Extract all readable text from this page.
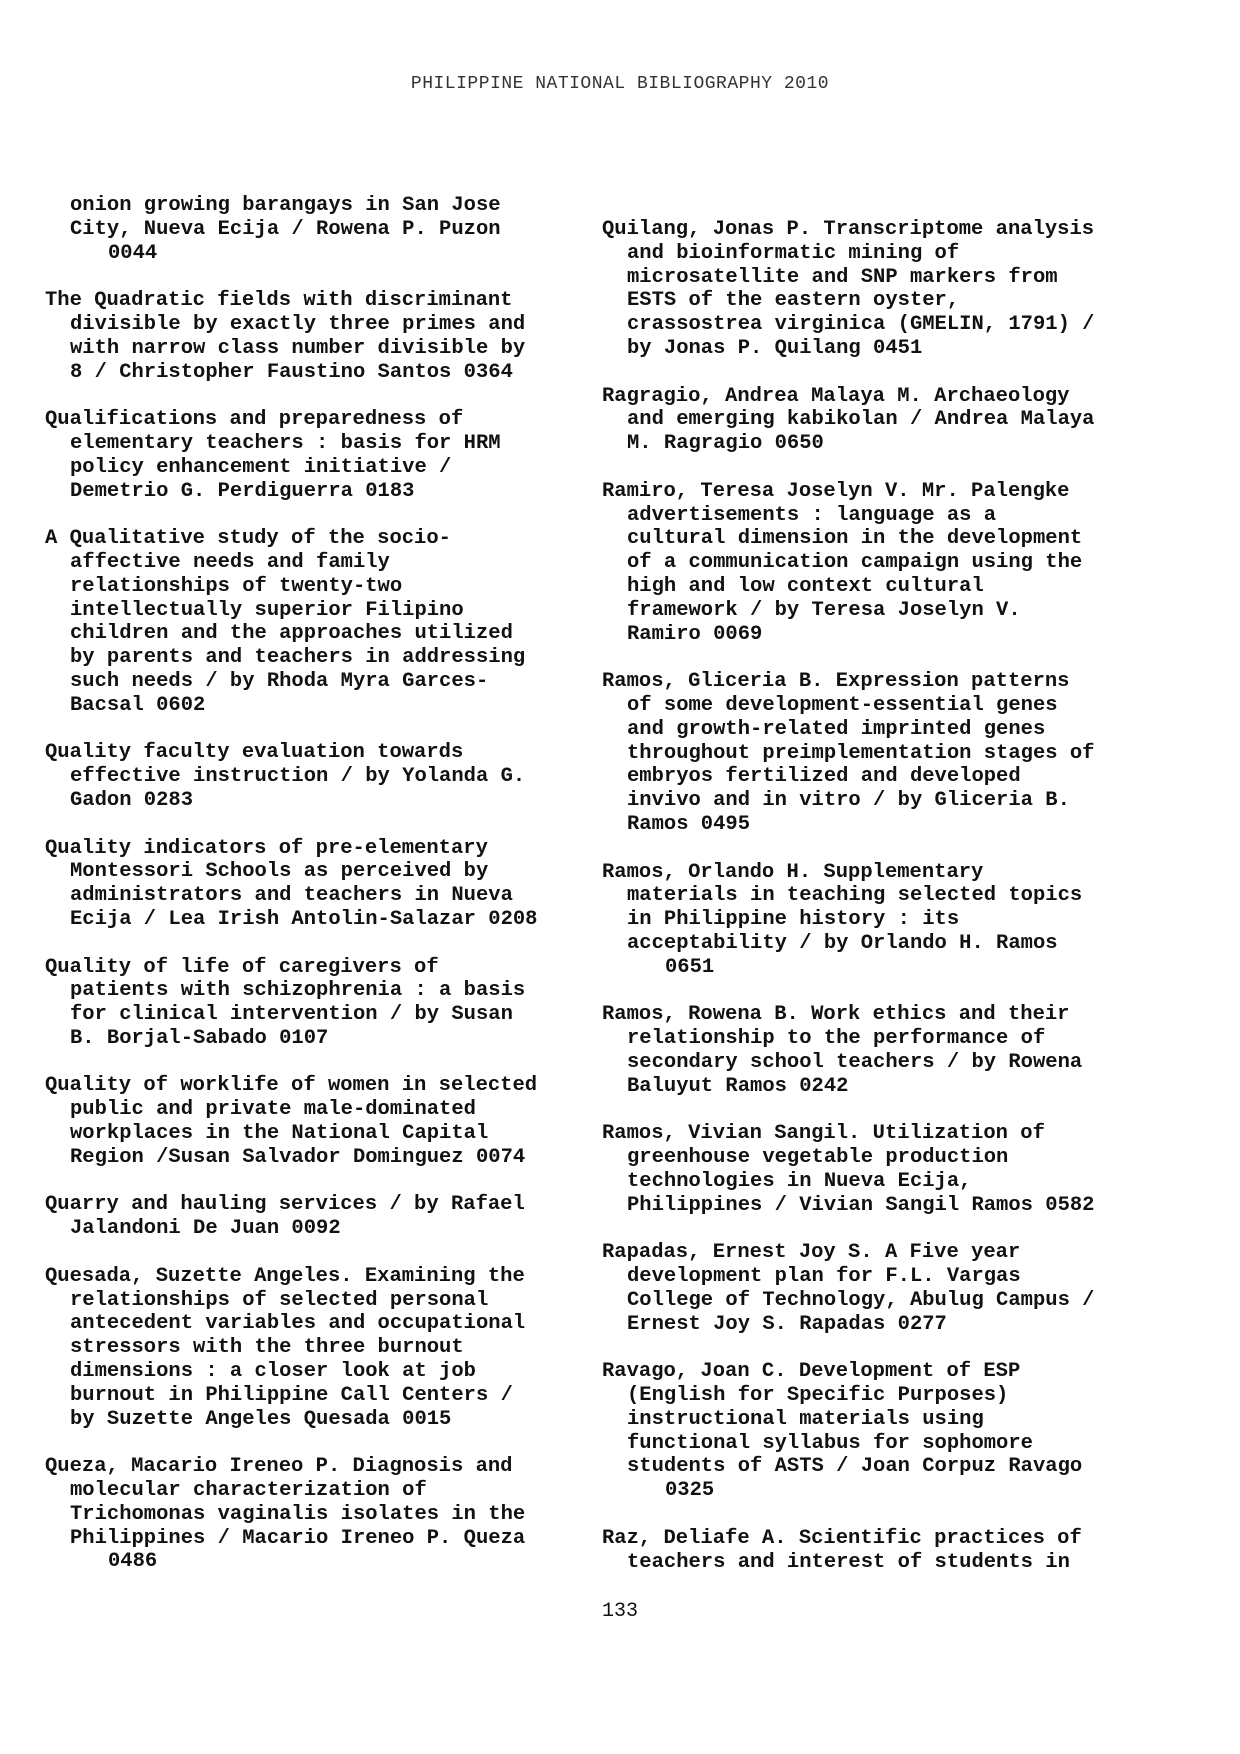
PHILIPPINE NATIONAL BIBLIOGRAPHY 2010
onion growing barangays in San Jose
City, Nueva Ecija / Rowena P. Puzon
0044
The Quadratic fields with discriminant
divisible by exactly three primes and
with narrow class number divisible by
8 / Christopher Faustino Santos 0364
Qualifications and preparedness of
elementary teachers : basis for HRM
policy enhancement initiative /
Demetrio G. Perdiguerra 0183
A Qualitative study of the socio-
affective needs and family
relationships of twenty-two
intellectually superior Filipino
children and the approaches utilized
by parents and teachers in addressing
such needs / by Rhoda Myra Garces-
Bacsal 0602
Quality faculty evaluation towards
effective instruction / by Yolanda G.
Gadon 0283
Quality indicators of pre-elementary
Montessori Schools as perceived by
administrators and teachers in Nueva
Ecija / Lea Irish Antolin-Salazar 0208
Quality of life of caregivers of
patients with schizophrenia : a basis
for clinical intervention / by Susan
B. Borjal-Sabado 0107
Quality of worklife of women in selected
public and private male-dominated
workplaces in the National Capital
Region /Susan Salvador Dominguez 0074
Quarry and hauling services / by Rafael
Jalandoni De Juan 0092
Quesada, Suzette Angeles. Examining the
relationships of selected personal
antecedent variables and occupational
stressors with the three burnout
dimensions : a closer look at job
burnout in Philippine Call Centers /
by Suzette Angeles Quesada 0015
Queza, Macario Ireneo P. Diagnosis and
molecular characterization of
Trichomonas vaginalis isolates in the
Philippines / Macario Ireneo P. Queza
0486
Quilang, Jonas P. Transcriptome analysis
and bioinformatic mining of
microsatellite and SNP markers from
ESTS of the eastern oyster,
crassostrea virginica (GMELIN, 1791) /
by Jonas P. Quilang 0451
Ragragio, Andrea Malaya M. Archaeology
and emerging kabikolan / Andrea Malaya
M. Ragragio 0650
Ramiro, Teresa Joselyn V. Mr. Palengke
advertisements : language as a
cultural dimension in the development
of a communication campaign using the
high and low context cultural
framework / by Teresa Joselyn V.
Ramiro 0069
Ramos, Gliceria B. Expression patterns
of some development-essential genes
and growth-related imprinted genes
throughout preimplementation stages of
embryos fertilized and developed
invivo and in vitro / by Gliceria B.
Ramos 0495
Ramos, Orlando H. Supplementary
materials in teaching selected topics
in Philippine history : its
acceptability / by Orlando H. Ramos
0651
Ramos, Rowena B. Work ethics and their
relationship to the performance of
secondary school teachers / by Rowena
Baluyut Ramos 0242
Ramos, Vivian Sangil. Utilization of
greenhouse vegetable production
technologies in Nueva Ecija,
Philippines / Vivian Sangil Ramos 0582
Rapadas, Ernest Joy S. A Five year
development plan for F.L. Vargas
College of Technology, Abulug Campus /
Ernest Joy S. Rapadas 0277
Ravago, Joan C. Development of ESP
(English for Specific Purposes)
instructional materials using
functional syllabus for sophomore
students of ASTS / Joan Corpuz Ravago
0325
Raz, Deliafe A. Scientific practices of
teachers and interest of students in
133
